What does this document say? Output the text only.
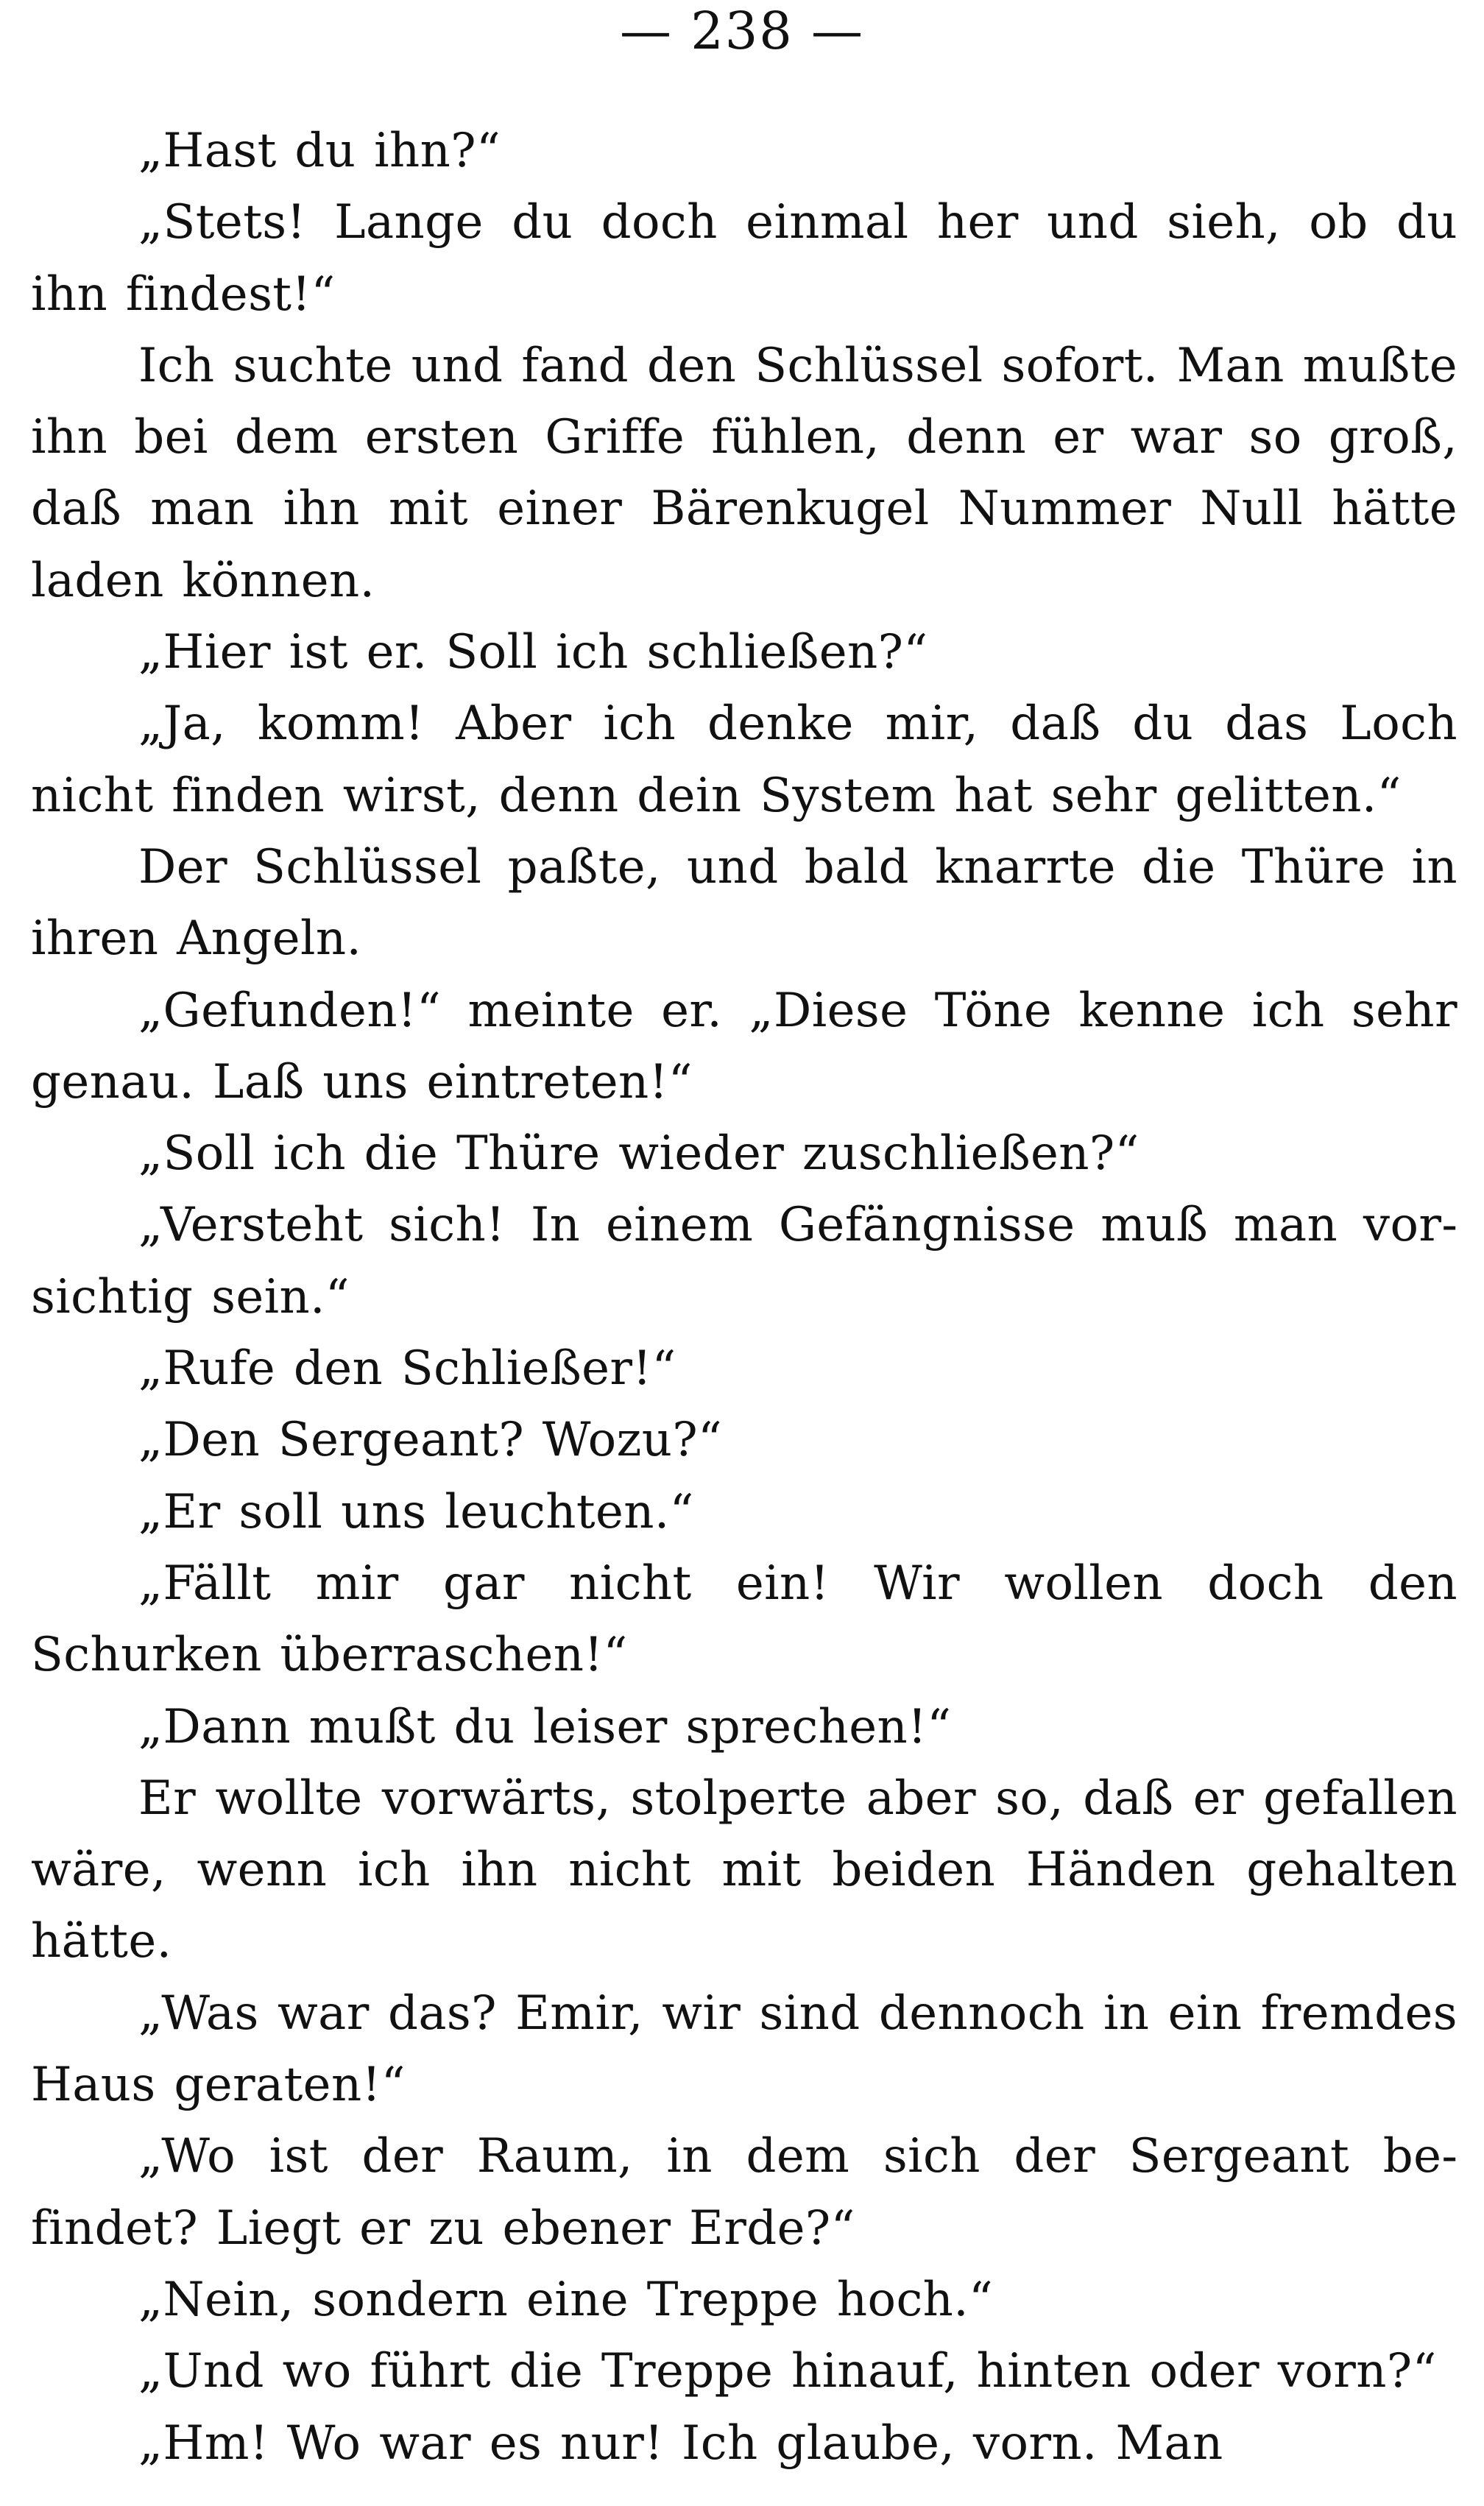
— 238 —

„Hast du ihn?“

„Stets! Lange du doch einmal her und sieh, ob du ihn findest!“

Ich suchte und fand den Schlüssel sofort. Man mußte ihn bei dem ersten Griffe fühlen, denn er war so groß, daß man ihn mit einer Bärenkugel Nummer Null hätte laden können.

„Hier ist er. Soll ich schließen?“

„Ja, komm! Aber ich denke mir, daß du das Loch nicht finden wirst, denn dein System hat sehr gelitten.“

Der Schlüssel paßte, und bald knarrte die Thüre in ihren Angeln.

„Gefunden!“ meinte er. „Diese Töne kenne ich sehr genau. Laß uns eintreten!“

„Soll ich die Thüre wieder zuschließen?“

„Versteht sich! In einem Gefängnisse muß man vorsichtig sein.“

„Rufe den Schließer!“

„Den Sergeant? Wozu?“

„Er soll uns leuchten.“

„Fällt mir gar nicht ein! Wir wollen doch den Schurken überraschen!“

„Dann mußt du leiser sprechen!“

Er wollte vorwärts, stolperte aber so, daß er gefallen wäre, wenn ich ihn nicht mit beiden Händen gehalten hätte.

„Was war das? Emir, wir sind dennoch in ein fremdes Haus geraten!“

„Wo ist der Raum, in dem sich der Sergeant befindet? Liegt er zu ebener Erde?“

„Nein, sondern eine Treppe hoch.“

„Und wo führt die Treppe hinauf, hinten oder vorn?“

„Hm! Wo war es nur! Ich glaube, vorn. Man
